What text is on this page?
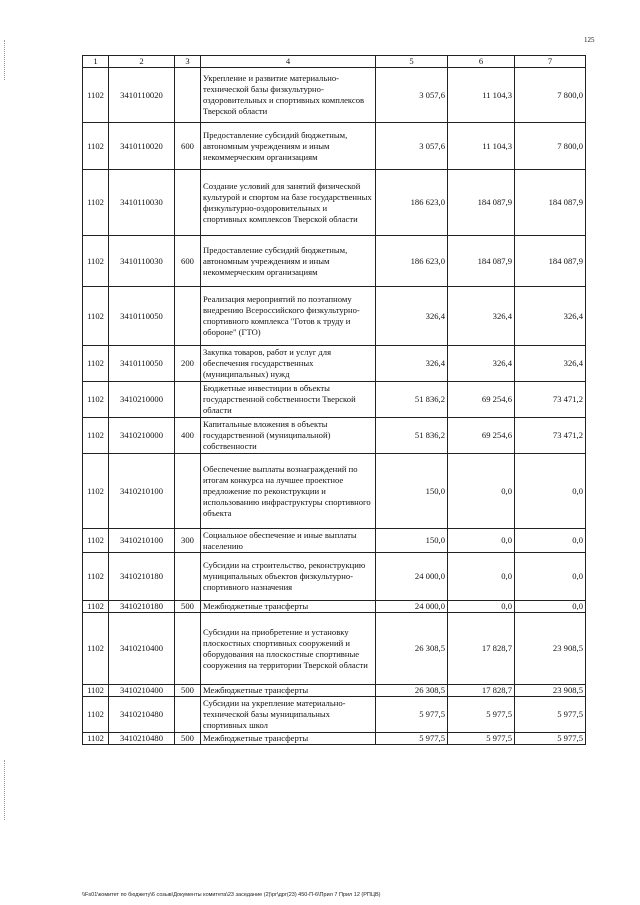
125
1	2	3	4	5	6	7
1102	3410110020		Укрепление и развитие материально-технической базы физкультурно-оздоровительных и спортивных комплексов Тверской области	3 057,6	11 104,3	7 800,0
1102	3410110020	600	Предоставление субсидий бюджетным, автономным учреждениям и иным некоммерческим организациям	3 057,6	11 104,3	7 800,0
1102	3410110030		Создание условий для занятий физической культурой и спортом на базе государственных физкультурно-оздоровительных и спортивных комплексов Тверской области	186 623,0	184 087,9	184 087,9
1102	3410110030	600	Предоставление субсидий бюджетным, автономным учреждениям и иным некоммерческим организациям	186 623,0	184 087,9	184 087,9
1102	3410110050		Реализация мероприятий по поэтапному внедрению Всероссийского физкультурно-спортивного комплекса "Готов к труду и обороне" (ГТО)	326,4	326,4	326,4
1102	3410110050	200	Закупка товаров, работ и услуг для обеспечения государственных (муниципальных) нужд	326,4	326,4	326,4
1102	3410210000		Бюджетные инвестиции в объекты государственной собственности Тверской области	51 836,2	69 254,6	73 471,2
1102	3410210000	400	Капитальные вложения в объекты государственной (муниципальной) собственности	51 836,2	69 254,6	73 471,2
1102	3410210100		Обеспечение выплаты вознаграждений по итогам конкурса на лучшее проектное предложение по реконструкции и использованию инфраструктуры спортивного объекта	150,0	0,0	0,0
1102	3410210100	300	Социальное обеспечение и иные выплаты населению	150,0	0,0	0,0
1102	3410210180		Субсидии на строительство, реконструкцию муниципальных объектов физкультурно-спортивного назначения	24 000,0	0,0	0,0
1102	3410210180	500	Межбюджетные трансферты	24 000,0	0,0	0,0
1102	3410210400		Субсидии на приобретение и установку плоскостных спортивных сооружений и оборудования на плоскостные спортивные сооружения на территории Тверской области	26 308,5	17 828,7	23 908,5
1102	3410210400	500	Межбюджетные трансферты	26 308,5	17 828,7	23 908,5
1102	3410210480		Субсидии на укрепление материально-технической базы муниципальных спортивных школ	5 977,5	5 977,5	5 977,5
1102	3410210480	500	Межбюджетные трансферты	5 977,5	5 977,5	5 977,5
\\Fs01\комитет по бюджету\6 созыв\Документы комитета\23 заседание (2)\рг\дрг(23) 450-П-6\Прил 7 Прил 12 (РПЦВ)
